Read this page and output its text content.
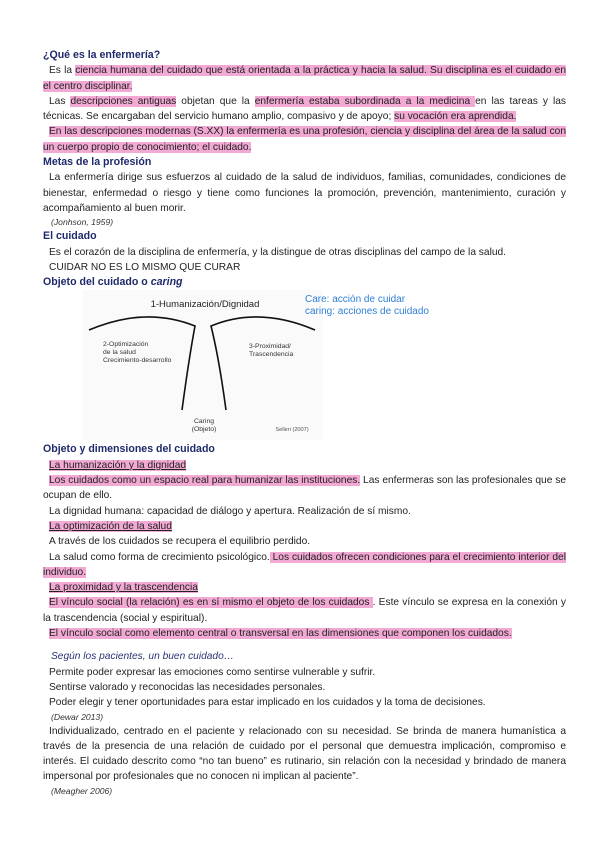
¿Qué es la enfermería?
Es la ciencia humana del cuidado que está orientada a la práctica y hacia la salud. Su disciplina es el cuidado en el centro disciplinar.
Las descripciones antiguas objetan que la enfermería estaba subordinada a la medicina en las tareas y las técnicas. Se encargaban del servicio humano amplio, compasivo y de apoyo; su vocación era aprendida.
En las descripciones modernas (S.XX) la enfermería es una profesión, ciencia y disciplina del área de la salud con un cuerpo propio de conocimiento; el cuidado.
Metas de la profesión
La enfermería dirige sus esfuerzos al cuidado de la salud de individuos, familias, comunidades, condiciones de bienestar, enfermedad o riesgo y tiene como funciones la promoción, prevención, mantenimiento, curación y acompañamiento al buen morir.
(Jonhson, 1959)
El cuidado
Es el corazón de la disciplina de enfermería, y la distingue de otras disciplinas del campo de la salud.
CUIDAR NO ES LO MISMO QUE CURAR
Objeto del cuidado o caring
1-Humanización/Dignidad
2-Optimización
de la salud
Crecimiento-desarrollo
3-Proximidad/
Trascendencia
Caring
(Objeto)	Selleri (2007)
Care: acción de cuidar
caring: acciones de cuidado
Objeto y dimensiones del cuidado
La humanización y la dignidad
Los cuidados como un espacio real para humanizar las instituciones. Las enfermeras son las profesionales que se ocupan de ello.
La dignidad humana: capacidad de diálogo y apertura. Realización de sí mismo.
La optimización de la salud
A través de los cuidados se recupera el equilibrio perdido.
La salud como forma de crecimiento psicológico. Los cuidados ofrecen condiciones para el crecimiento interior del individuo.
La proximidad y la trascendencia
El vínculo social (la relación) es en sí mismo el objeto de los cuidados . Este vínculo se expresa en la conexión y la trascendencia (social y espiritual).
El vínculo social como elemento central o transversal en las dimensiones que componen los cuidados.
Según los pacientes, un buen cuidado…
Permite poder expresar las emociones como sentirse vulnerable y sufrir.
Sentirse valorado y reconocidas las necesidades personales.
Poder elegir y tener oportunidades para estar implicado en los cuidados y la toma de decisiones.
(Dewar 2013)
Individualizado, centrado en el paciente y relacionado con su necesidad. Se brinda de manera humanística a través de la presencia de una relación de cuidado por el personal que demuestra implicación, compromiso e interés. El cuidado descrito como “no tan bueno” es rutinario, sin relación con la necesidad y brindado de manera impersonal por profesionales que no conocen ni implican al paciente”.
(Meagher 2006)
